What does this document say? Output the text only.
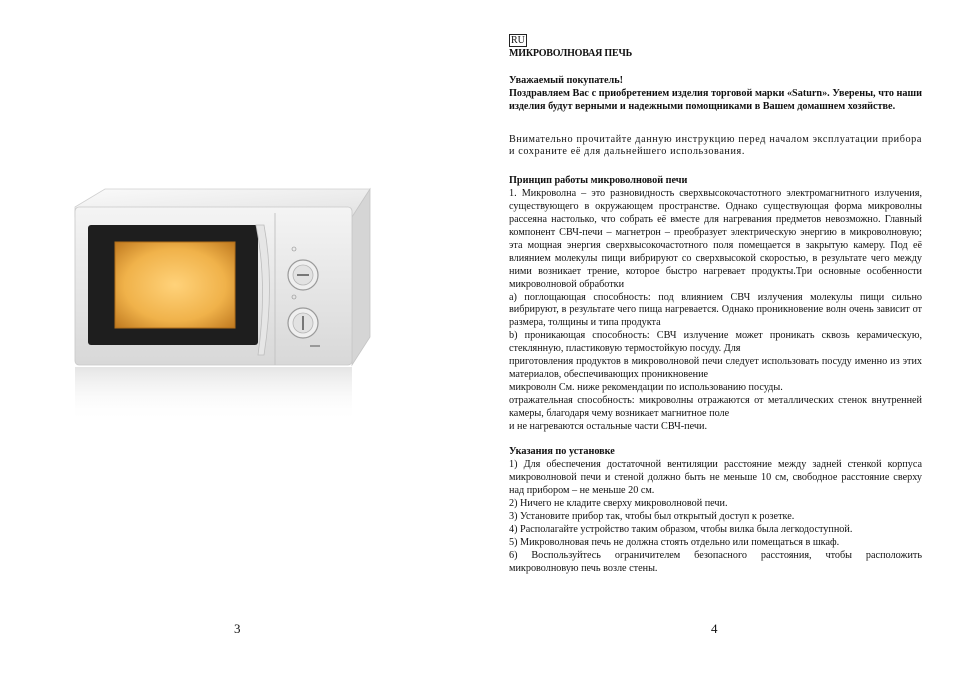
3
RU

МИКРОВОЛНОВАЯ ПЕЧЬ

Уважаемый покупатель!

Поздравляем Вас с приобретением изделия торговой марки «Saturn». Уверены, что наши изделия будут верными и надежными помощниками в Вашем домашнем хозяйстве.

Внимательно прочитайте данную инструкцию перед началом эксплуатации прибора и сохраните её для дальнейшего использования.

Принцип работы микроволновой печи

1. Микроволна – это разновидность сверхвысокочастотного электромагнитного излучения, существующего в окружающем пространстве. Однако существующая форма микроволны рассеяна настолько, что собрать её вместе для нагревания предметов невозможно. Главный компонент СВЧ-печи – магнетрон – преобразует электрическую энергию в микроволновую; эта мощная энергия сверхвысокочастотного поля помещается в закрытую камеру. Под её влиянием молекулы пищи вибрируют со сверхвысокой скоростью, в результате чего между ними возникает трение, которое быстро нагревает продукты.Три основные особенности микроволновой обработки

a) поглощающая способность: под влиянием СВЧ излучения молекулы пищи сильно вибрируют, в результате чего пища нагревается. Однако проникновение волн очень зависит от размера, толщины и типа продукта

b) проникающая способность: СВЧ излучение может проникать сквозь керамическую, стеклянную, пластиковую термостойкую посуду. Для

приготовления продуктов в микроволновой печи следует использовать посуду именно из этих материалов, обеспечивающих проникновение

микроволн См. ниже рекомендации по использованию посуды.

отражательная способность: микроволны отражаются от металлических стенок внутренней камеры, благодаря чему возникает магнитное поле

и не нагреваются остальные части СВЧ-печи.

Указания по установке

1) Для обеспечения достаточной вентиляции расстояние между задней стенкой корпуса микроволновой печи и стеной должно быть не меньше 10 см, свободное расстояние сверху над прибором – не меньше 20 см.

2) Ничего не кладите сверху микроволновой печи.

3) Установите прибор так, чтобы был открытый доступ к розетке.

4) Располагайте устройство таким образом, чтобы вилка была легкодоступной.

5) Микроволновая печь не должна стоять отдельно или помещаться в шкаф.

6) Воспользуйтесь ограничителем безопасного расстояния, чтобы расположить микроволновую печь возле стены.

4
